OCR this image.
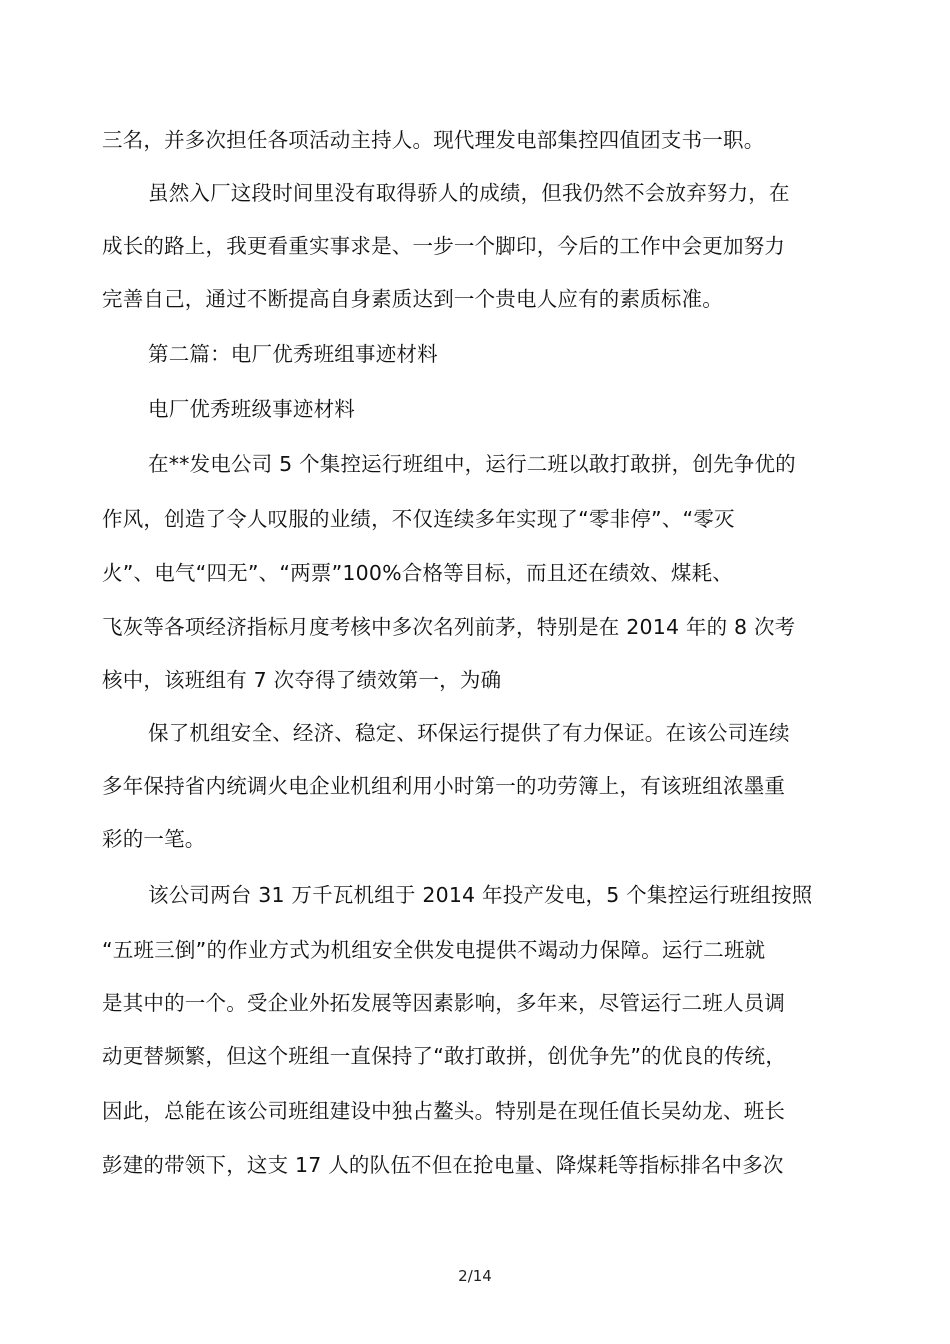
三名，并多次担任各项活动主持人。现代理发电部集控四值团支书一职。
虽然入厂这段时间里没有取得骄人的成绩，但我仍然不会放弃努力，在
成长的路上，我更看重实事求是、一步一个脚印，今后的工作中会更加努力
完善自己，通过不断提高自身素质达到一个贵电人应有的素质标准。
第二篇：电厂优秀班组事迹材料
电厂优秀班级事迹材料
在**发电公司 5 个集控运行班组中，运行二班以敢打敢拼，创先争优的
作风，创造了令人叹服的业绩，不仅连续多年实现了“零非停”、“零灭
火”、电气“四无”、“两票”100%合格等目标，而且还在绩效、煤耗、
飞灰等各项经济指标月度考核中多次名列前茅，特别是在 2014 年的 8 次考
核中，该班组有 7 次夺得了绩效第一，为确
保了机组安全、经济、稳定、环保运行提供了有力保证。在该公司连续
多年保持省内统调火电企业机组利用小时第一的功劳簿上，有该班组浓墨重
彩的一笔。
该公司两台 31 万千瓦机组于 2014 年投产发电，5 个集控运行班组按照
“五班三倒”的作业方式为机组安全供发电提供不竭动力保障。运行二班就
是其中的一个。受企业外拓发展等因素影响，多年来，尽管运行二班人员调
动更替频繁，但这个班组一直保持了“敢打敢拼，创优争先”的优良的传统，
因此，总能在该公司班组建设中独占鳌头。特别是在现任值长吴幼龙、班长
彭建的带领下，这支 17 人的队伍不但在抢电量、降煤耗等指标排名中多次
2/14
